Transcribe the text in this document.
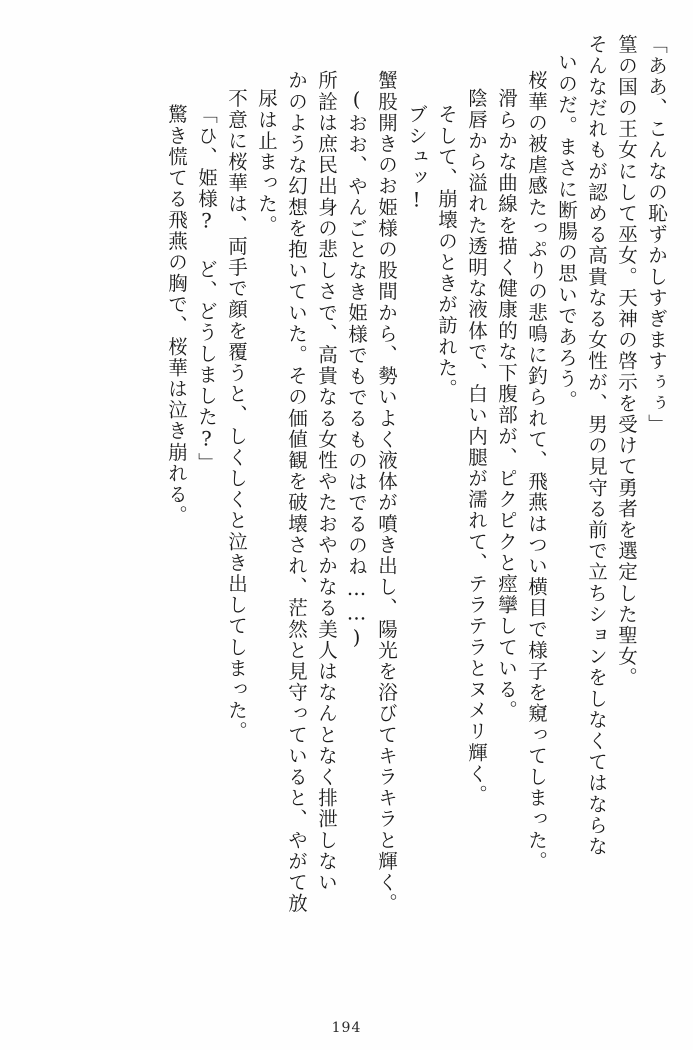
「ああ、こんなの恥ずかしすぎますぅぅ」
篁の国の王女にして巫女。天神の啓示を受けて勇者を選定した聖女。
そんなだれもが認める高貴なる女性が、男の見守る前で立ちションをしなくてはならな
いのだ。まさに断腸の思いであろう。
桜華の被虐感たっぷりの悲鳴に釣られて、飛燕はつい横目で様子を窺ってしまった。
滑らかな曲線を描く健康的な下腹部が、ピクピクと痙攣している。
陰唇から溢れた透明な液体で、白い内腿が濡れて、テラテラとヌメリ輝く。
そして、崩壊のときが訪れた。
ブシュッ!
蟹股開きのお姫様の股間から、勢いよく液体が噴き出し、陽光を浴びてキラキラと輝く。
(おお、やんごとなき姫様でもでるものはでるのね……)
所詮は庶民出身の悲しさで、高貴なる女性やたおやかなる美人はなんとなく排泄しない
かのような幻想を抱いていた。その価値観を破壊され、茫然と見守っていると、やがて放
尿は止まった。
不意に桜華は、両手で顔を覆うと、しくしくと泣き出してしまった。
「ひ、姫様? ど、どうしました?」
驚き慌てる飛燕の胸で、桜華は泣き崩れる。
194
